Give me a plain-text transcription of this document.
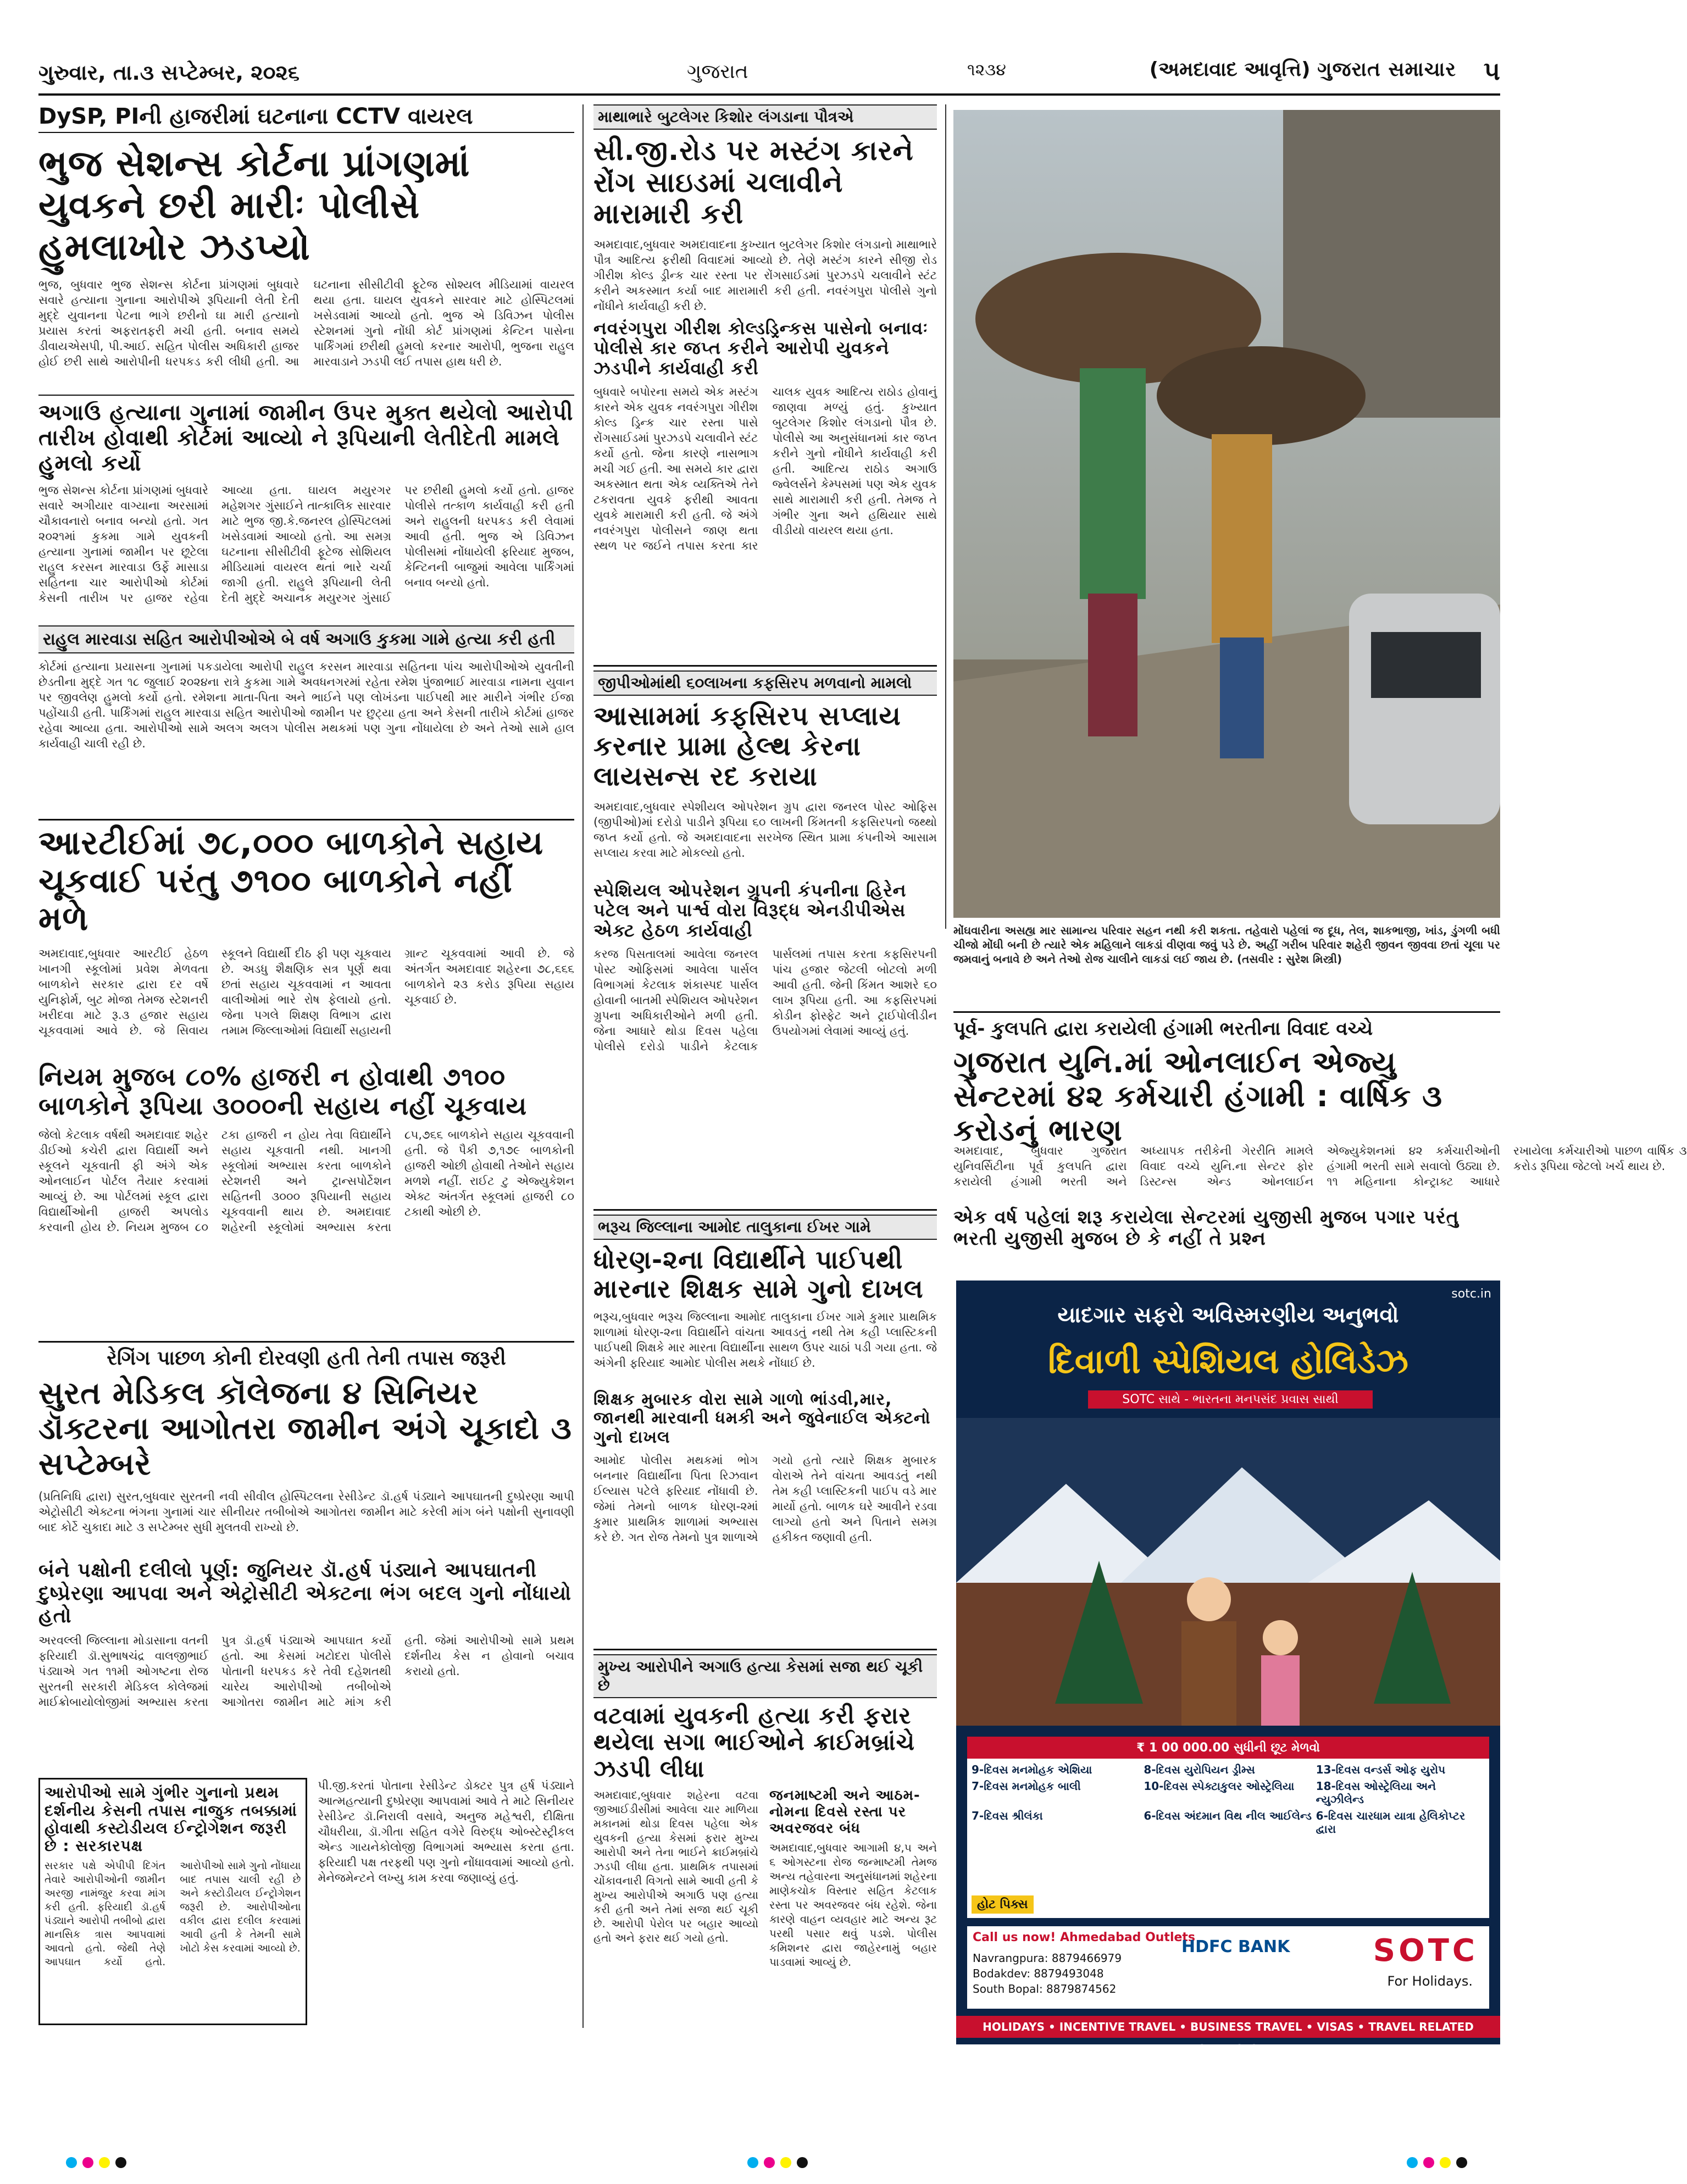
ગુરુવાર, તા.૩ સપ્ટેમ્બર, ૨૦૨૬	ગુજરાત	૧૨૩૪	(અમદાવાદ આવૃત્તિ) ગુજરાત સમાચાર ૫
DySP, PIની હાજરીમાં ઘટનાના CCTV વાયરલ
ભુજ સેશન્સ કોર્ટના પ્રાંગણમાં યુવકને છરી મારીઃ પોલીસે હુમલાખોર ઝડપ્યો
ભુજ, બુધવાર ભુજ સેશન્સ કોર્ટના પ્રાંગણમાં બુધવારે સવારે હત્યાના ગુનાના આરોપીએ રૂપિયાની લેતી દેતી મુદ્દે યુવાનના પેટના ભાગે છરીનો ઘા મારી હત્યાનો પ્રયાસ કરતાં અફરાતફરી મચી હતી. બનાવ સમયે ડીવાયએસપી, પી.આઈ. સહિત પોલીસ અધિકારી હાજર હોઈ છરી સાથે આરોપીની ધરપકડ કરી લીધી હતી. આ ઘટનાના સીસીટીવી ફૂટેજ સોશ્યલ મીડિયામાં વાયરલ થયા હતા. ઘાયલ યુવકને સારવાર માટે હોસ્પિટલમાં ખસેડવામાં આવ્યો હતો. ભુજ એ ડિવિઝન પોલીસ સ્ટેશનમાં ગુનો નોંધી કોર્ટ પ્રાંગણમાં કેન્ટિન પાસેના પાર્કિંગમાં છરીથી હુમલો કરનાર આરોપી, ભુજના રાહુલ મારવાડાને ઝડપી લઈ તપાસ હાથ ધરી છે.
અગાઉ હત્યાના ગુનામાં જામીન ઉપર મુક્ત થયેલો આરોપી તારીખ હોવાથી કોર્ટમાં આવ્યો ને રૂપિયાની લેતીદેતી મામલે હુમલો કર્યો
ભુજ સેશન્સ કોર્ટના પ્રાંગણમાં બુધવારે સવારે અગીયાર વાગ્યાના અરસામાં ચૌકાવનારો બનાવ બન્યો હતો. ગત ૨૦૨૧માં કુકમા ગામે યુવકની હત્યાના ગુનામાં જામીન પર છૂટેલા રાહુલ કરસન મારવાડા ઉર્ફે માસાડા સહિતના ચાર આરોપીઓ કોર્ટમાં કેસની તારીખ પર હાજર રહેવા આવ્યા હતા. ઘાયલ મયુરગર મહેશગર ગુંસાઈને તાત્કાલિક સારવાર માટે ભુજ જી.કે.જનરલ હોસ્પિટલમાં ખસેડવામાં આવ્યો હતો. આ સમગ્ર ઘટનાના સીસીટીવી ફૂટેજ સોશિયલ મીડિયામાં વાયરલ થતાં ભારે ચર્ચા જાગી હતી. રાહુલે રૂપિયાની લેતી દેતી મુદ્દે અચાનક મયુરગર ગુંસાઈ પર છરીથી હુમલો કર્યો હતો. હાજર પોલીસે તત્કાળ કાર્યવાહી કરી હતી અને રાહુલની ધરપકડ કરી લેવામાં આવી હતી. ભુજ એ ડિવિઝન પોલીસમાં નોંધાયેલી ફરિયાદ મુજબ, કેન્ટિનની બાજુમાં આવેલા પાર્કિંગમાં બનાવ બન્યો હતો.
રાહુલ મારવાડા સહિત આરોપીઓએ બે વર્ષ અગાઉ કુકમા ગામે હત્યા કરી હતી
કોર્ટમાં હત્યાના પ્રયાસના ગુનામાં પકડાયેલા આરોપી રાહુલ કરસન મારવાડા સહિતના પાંચ આરોપીઓએ યુવતીની છેડતીના મુદ્દે ગત ૧૮ જુલાઈ ૨૦૨૪ના રાત્રે કુકમા ગામે અવધનગરમાં રહેતા રમેશ પુંજાભાઈ મારવાડા નામના યુવાન પર જીવલેણ હુમલો કર્યો હતો. રમેશના માતા-પિતા અને ભાઈને પણ લોખંડના પાઈપથી માર મારીને ગંભીર ઈજા પહોંચાડી હતી. પાર્કિંગમાં રાહુલ મારવાડા સહિત આરોપીઓ જામીન પર છુટ્યા હતા અને કેસની તારીખે કોર્ટમાં હાજર રહેવા આવ્યા હતા. આરોપીઓ સામે અલગ અલગ પોલીસ મથકમાં પણ ગુના નોંધાયેલા છે અને તેઓ સામે હાલ કાર્યવાહી ચાલી રહી છે.
આરટીઈમાં ૭૮,૦૦૦ બાળકોને સહાય ચૂકવાઈ પરંતુ ૭૧૦૦ બાળકોને નહીં મળે
અમદાવાદ,બુધવાર આરટીઈ હેઠળ ખાનગી સ્કૂલોમાં પ્રવેશ મેળવતા બાળકોને સરકાર દ્વારા દર વર્ષે યુનિફોર્મ, બુટ મોજા તેમજ સ્ટેશનરી ખરીદવા માટે રૂ.૩ હજાર સહાય ચૂકવવામાં આવે છે. જે સિવાય સ્કૂલને વિદ્યાર્થી દીઠ ફી પણ ચૂકવાય છે. અડધુ શૈક્ષણિક સત્ર પૂર્ણ થવા છતાં સહાય ચૂકવવામાં ન આવતા વાલીઓમાં ભારે રોષ ફેલાયો હતો. જેના પગલે શિક્ષણ વિભાગ દ્વારા તમામ જિલ્લાઓમાં વિદ્યાર્થી સહાયની ગ્રાન્ટ ચૂકવવામાં આવી છે. જે અંતર્ગત અમદાવાદ શહેરના ૭૮,૬૬૬ બાળકોને ૨૩ કરોડ રૂપિયા સહાય ચૂકવાઈ છે.
નિયમ મુજબ ૮૦% હાજરી ન હોવાથી ૭૧૦૦ બાળકોને રૂપિયા ૩૦૦૦ની સહાય નહીં ચૂકવાય
જેલો કેટલાક વર્ષથી અમદાવાદ શહેર ડીઈઓ કચેરી દ્વારા વિદ્યાર્થી અને સ્કૂલને ચૂકવાતી ફી અંગે એક ઓનલાઈન પોર્ટલ તૈયાર કરવામાં આવ્યું છે. આ પોર્ટલમાં સ્કૂલ દ્વારા વિદ્યાર્થીઓની હાજરી અપલોડ કરવાની હોય છે. નિયમ મુજબ ૮૦ ટકા હાજરી ન હોય તેવા વિદ્યાર્થીને સહાય ચૂકવાતી નથી. ખાનગી સ્કૂલોમાં અભ્યાસ કરતા બાળકોને સ્ટેશનરી અને ટ્રાન્સપોર્ટેશન સહિતની ૩૦૦૦ રૂપિયાની સહાય ચૂકવવાની થાય છે. અમદાવાદ શહેરની સ્કૂલોમાં અભ્યાસ કરતા ૮૫,૭૬૬ બાળકોને સહાય ચૂકવવાની હતી. જે પૈકી ૭,૧૭૯ બાળકોની હાજરી ઓછી હોવાથી તેઓને સહાય મળશે નહીં. રાઈટ ટુ એજ્યુકેશન એક્ટ અંતર્ગત સ્કૂલમાં હાજરી ૮૦ ટકાથી ઓછી છે.
રેગિંગ પાછળ કોની દોરવણી હતી તેની તપાસ જરૂરી
સુરત મેડિકલ કૉલેજના ૪ સિનિયર ડૉક્ટરના આગોતરા જામીન અંગે ચૂકાદો ૩ સપ્ટેમ્બરે
(પ્રતિનિધિ દ્વારા) સુરત,બુધવાર સુરતની નવી સીવીલ હોસ્પિટલના રેસીડેન્ટ ડૉ.હર્ષ પંડ્યાને આપઘાતની દુષ્પ્રેરણા આપી એટ્રોસીટી એક્ટના ભંગના ગુનામાં ચાર સીનીયર તબીબોએ આગોતરા જામીન માટે કરેલી માંગ બંને પક્ષોની સુનાવણી બાદ કોર્ટે ચુકાદા માટે ૩ સપ્ટેમ્બર સુધી મુલતવી રાખ્યો છે.
બંને પક્ષોની દલીલો પૂર્ણ: જુનિયર ડૉ.હર્ષ પંડ્યાને આપઘાતની દુષ્પ્રેરણા આપવા અને એટ્રોસીટી એક્ટના ભંગ બદલ ગુનો નોંધાયો હતો
અરવલ્લી જિલ્લાના મોડાસાના વતની ફરિયાદી ડૉ.સુભાષચંદ્ર વાલજીભાઈ પંડ્યાએ ગત ૧૧મી ઓગષ્ટના રોજ સુરતની સરકારી મેડિકલ કોલેજમાં માઈક્રોબાયોલોજીમાં અભ્યાસ કરતા પુત્ર ડૉ.હર્ષ પંડ્યાએ આપઘાત કર્યો હતો. આ કેસમાં ખટોદરા પોલીસે પોતાની ધરપકડ કરે તેવી દહેશતથી ચારેય આરોપીઓ તબીબોએ આગોતરા જામીન માટે માંગ કરી હતી. જેમાં આરોપીઓ સામે પ્રથમ દર્શનીય કેસ ન હોવાનો બચાવ કરાયો હતો.
આરોપીઓ સામે ગુંભીર ગુનાનો પ્રથમ દર્શનીય કેસની તપાસ નાજુક તબક્કામાં હોવાથી કસ્ટોડીયલ ઈન્ટ્રોગેશન જરૂરી છે : સરકારપક્ષ
સરકાર પક્ષે એપીપી દિગંત તેવારે આરોપીઓની જામીન અરજી નામંજુર કરવા માંગ કરી હતી. ફરિયાદી ડૉ.હર્ષ પંડ્યાને આરોપી તબીબો દ્વારા માનસિક ત્રાસ આપવામાં આવતો હતો. જેથી તેણે આપઘાત કર્યો હતો. આરોપીઓ સામે ગુનો નોંધાયા બાદ તપાસ ચાલી રહી છે અને કસ્ટોડીયલ ઈન્ટ્રોગેશન જરૂરી છે. આરોપીઓના વકીલ દ્વારા દલીલ કરવામાં આવી હતી કે તેમની સામે ખોટો કેસ કરવામાં આવ્યો છે.
પી.જી.કરતાં પોતાના રેસીડેન્ટ ડોક્ટર પુત્ર હર્ષ પંડ્યાને આત્મહત્યાની દુષ્પ્રેરણા આપવામાં આવે તે માટે સિનીયર રેસીડેન્ટ ડૉ.નિરાલી વસાવે, અનુજ મહેશ્વરી, દીક્ષિતા ચૌધરીયા, ડૉ.ગીતા સહિત વગેરે વિરુદ્ધ ઓબ્સ્ટેસ્ટ્રીકલ એન્ડ ગાયનેકોલોજી વિભાગમાં અભ્યાસ કરતા હતા. ફરિયાદી પક્ષ તરફથી પણ ગુનો નોંધાવવામાં આવ્યો હતો. મેનેજમેન્ટને લખ્યુ કામ કરવા જણાવ્યું હતું.
માથાભારે બુટલેગર કિશોર લંગડાના પૌત્રએ
સી.જી.રોડ પર મસ્ટંગ કારને રોંગ સાઇડમાં ચલાવીને મારામારી કરી
અમદાવાદ,બુધવાર અમદાવાદના કુખ્યાત બુટલેગર કિશોર લંગડાનો માથાભારે પૌત્ર આદિત્ય ફરીથી વિવાદમાં આવ્યો છે. તેણે મસ્ટંગ કારને સીજી રોડ ગીરીશ કોલ્ડ ડ્રીન્ક ચાર રસ્તા પર રોંગસાઈડમાં પુરઝડપે ચલાવીને સ્ટંટ કરીને અકસ્માત કર્યા બાદ મારામારી કરી હતી. નવરંગપુરા પોલીસે ગુનો નોંધીને કાર્યવાહી કરી છે.
નવરંગપુરા ગીરીશ કોલ્ડડ્રિન્કસ પાસેનો બનાવઃ પોલીસે કાર જપ્ત કરીને આરોપી યુવકને ઝડપીને કાર્યવાહી કરી
બુધવારે બપોરના સમયે એક મસ્ટંગ કારને એક યુવક નવરંગપુરા ગીરીશ કોલ્ડ ડ્રિન્ક ચાર રસ્તા પાસે રોંગસાઈડમાં પુરઝડપે ચલાવીને સ્ટંટ કર્યો હતો. જેના કારણે નાસભાગ મચી ગઈ હતી. આ સમયે કાર દ્વારા અકસ્માત થતા એક વ્યક્તિએ તેને ટકરાવતા યુવકે ફરીથી આવતા યુવકે મારામારી કરી હતી. જે અંગે નવરંગપુરા પોલીસને જાણ થતા સ્થળ પર જઈને તપાસ કરતા કાર ચાલક યુવક આદિત્ય રાઠોડ હોવાનું જાણવા મળ્યું હતું. કુખ્યાત બુટલેગર કિશોર લંગડાનો પૌત્ર છે. પોલીસે આ અનુસંધાનમાં કાર જપ્ત કરીને ગુનો નોંધીને કાર્યવાહી કરી હતી. આદિત્ય રાઠોડ અગાઉ જ્વેલર્સને કેમ્પસમાં પણ એક યુવક સાથે મારામારી કરી હતી. તેમજ તે ગંભીર ગુના અને હથિયાર સાથે વીડીયો વાયરલ થયા હતા.
મોંઘવારીના અસહ્ય માર સામાન્ય પરિવાર સહન નથી કરી શકતા. તહેવારો પહેલાં જ દૂધ, તેલ, શાકભાજી, ખાંડ, ડુંગળી બધી ચીજો મોંઘી બની છે ત્યારે એક મહિલાને લાકડાં વીણવા જવું પડે છે. અહીં ગરીબ પરિવાર શહેરી જીવન જીવવા છતાં ચૂલા પર જમવાનું બનાવે છે અને તેઓ રોજ ચાલીને લાકડાં લઈ જાય છે. (તસવીર : સુરેશ મિસ્ત્રી)
જીપીઓમાંથી ૬૦લાખના કફસિરપ મળવાનો મામલો
આસામમાં કફસિરપ સપ્લાય કરનાર પ્રામા હેલ્થ કેરના લાયસન્સ રદ કરાયા
અમદાવાદ,બુધવાર સ્પેશીયલ ઓપરેશન ગ્રુપ દ્વારા જનરલ પોસ્ટ ઓફિસ (જીપીઓ)માં દરોડો પાડીને રૂપિયા ૬૦ લાખની કિંમતની કફસિરપનો જથ્થો જપ્ત કર્યો હતો. જે અમદાવાદના સરખેજ સ્થિત પ્રામા કંપનીએ આસામ સપ્લાય કરવા માટે મોકલ્યો હતો.
સ્પેશિયલ ઓપરેશન ગ્રુપની કંપનીના હિરેન પટેલ અને પાર્શ્વ વોરા વિરૂદ્ધ એનડીપીએસ એક્ટ હેઠળ કાર્યવાહી
કરજ પિસતાલમાં આવેલા જનરલ પોસ્ટ ઓફિસમાં આવેલા પાર્સલ વિભાગમાં કેટલાક શંકાસ્પદ પાર્સલ હોવાની બાતમી સ્પેશિયલ ઓપરેશન ગ્રુપના અધિકારીઓને મળી હતી. જેના આધારે થોડા દિવસ પહેલા પોલીસે દરોડો પાડીને કેટલાક પાર્સલમાં તપાસ કરતા કફસિરપની પાંચ હજાર જેટલી બોટલો મળી આવી હતી. જેની કિંમત આશરે ૬૦ લાખ રૂપિયા હતી. આ કફસિરપમાં કોડીન ફોસ્ફેટ અને ટ્રાઈપોલીડીન ઉપયોગમાં લેવામાં આવ્યું હતું.
ભરૂચ જિલ્લાના આમોદ તાલુકાના ઈખર ગામે
ધોરણ-૨ના વિદ્યાર્થીને પાઈપથી મારનાર શિક્ષક સામે ગુનો દાખલ
ભરૂચ,બુધવાર ભરૂચ જિલ્લાના આમોદ તાલુકાના ઈખર ગામે કુમાર પ્રાથમિક શાળામાં ધોરણ-૨ના વિદ્યાર્થીને વાંચતા આવડતું નથી તેમ કહી પ્લાસ્ટિકની પાઈપથી શિક્ષકે માર મારતા વિદ્યાર્થીના સાથળ ઉપર ચાઠાં પડી ગયા હતા. જે અંગેની ફરિયાદ આમોદ પોલીસ મથકે નોંધાઈ છે.
શિક્ષક મુબારક વોરા સામે ગાળો ભાંડવી,માર, જાનથી મારવાની ધમકી અને જુવેનાઈલ એક્ટનો ગુનો દાખલ
આમોદ પોલીસ મથકમાં ભોગ બનનાર વિદ્યાર્થીના પિતા રિઝવાન ઈલ્યાસ પટેલે ફરિયાદ નોંધાવી છે. જેમાં તેમનો બાળક ધોરણ-૨માં કુમાર પ્રાથમિક શાળામાં અભ્યાસ કરે છે. ગત રોજ તેમનો પુત્ર શાળાએ ગયો હતો ત્યારે શિક્ષક મુબારક વોરાએ તેને વાંચતા આવડતું નથી તેમ કહી પ્લાસ્ટિકની પાઈપ વડે માર માર્યો હતો. બાળક ઘરે આવીને રડવા લાગ્યો હતો અને પિતાને સમગ્ર હકીકત જણાવી હતી.
મુખ્ય આરોપીને અગાઉ હત્યા કેસમાં સજા થઈ ચૂકી છે
વટવામાં યુવકની હત્યા કરી ફરાર થયેલા સગા ભાઈઓને ક્રાઈમબ્રાંચે ઝડપી લીધા
અમદાવાદ,બુધવાર શહેરના વટવા જીઆઈડીસીમાં આવેલા ચાર માળિયા મકાનમાં થોડા દિવસ પહેલા એક યુવકની હત્યા કેસમાં ફરાર મુખ્ય આરોપી અને તેના ભાઈને ક્રાઈમબ્રાંચે ઝડપી લીધા હતા. પ્રાથમિક તપાસમાં ચોંકાવનારી વિગતો સામે આવી હતી કે મુખ્ય આરોપીએ અગાઉ પણ હત્યા કરી હતી અને તેમાં સજા થઈ ચૂકી છે. આરોપી પેરોલ પર બહાર આવ્યો હતો અને ફરાર થઈ ગયો હતો.
જનમાષ્ટમી અને આઠમ-નોમના દિવસે રસ્તા પર અવરજવર બંધ
અમદાવાદ,બુધવાર આગામી ૪,૫ અને ૬ ઓગસ્ટના રોજ જન્માષ્ટમી તેમજ અન્ય તહેવારના અનુસંધાનમાં શહેરના માણેકચોક વિસ્તાર સહિત કેટલાક રસ્તા પર અવરજવર બંધ રહેશે. જેના કારણે વાહન વ્યવહાર માટે અન્ય રૂટ પરથી પસાર થવું પડશે. પોલીસ કમિશનર દ્વારા જાહેરનામું બહાર પાડવામાં આવ્યું છે.
પૂર્વ- કુલપતિ દ્વારા કરાયેલી હંગામી ભરતીના વિવાદ વચ્ચે
ગુજરાત યુનિ.માં ઓનલાઈન એજ્યુ સેન્ટરમાં ૪૨ કર્મચારી હંગામી : વાર્ષિક ૩ કરોડનું ભારણ
અમદાવાદ, બુધવાર ગુજરાત યુનિવર્સિટીના પૂર્વ કુલપતિ દ્વારા કરાયેલી હંગામી ભરતી અને અધ્યાપક તરીકેની ગેરરીતિ મામલે વિવાદ વચ્ચે યુનિ.ના સેન્ટર ફોર ડિસ્ટન્સ એન્ડ ઓનલાઈન એજ્યુકેશનમાં ૪૨ કર્મચારીઓની હંગામી ભરતી સામે સવાલો ઉઠ્યા છે. ૧૧ મહિનાના કોન્ટ્રાક્ટ આધારે રખાયેલા કર્મચારીઓ પાછળ વાર્ષિક ૩ કરોડ રૂપિયા જેટલો ખર્ચ થાય છે.
એક વર્ષ પહેલાં શરૂ કરાયેલા સેન્ટરમાં યુજીસી મુજબ પગાર પરંતુ ભરતી યુજીસી મુજબ છે કે નહીં તે પ્રશ્ન
sotc.in
યાદગાર સફરો અવિસ્મરણીય અનુભવો
દિવાળી સ્પેશિયલ હોલિડેઝ
SOTC સાથે - ભારતના મનપસંદ પ્રવાસ સાથી
₹ 1 00 000.00 સુધીની છૂટ મેળવો
9-દિવસ મનમોહક એશિયા	8-દિવસ યુરોપિયન ડ્રીમ્સ	13-દિવસ વન્ડર્સ ઓફ યુરોપ
7-દિવસ મનમોહક બાલી	10-દિવસ સ્પેક્ટાકુલર ઓસ્ટ્રેલિયા	18-દિવસ ઓસ્ટ્રેલિયા અને ન્યુઝીલેન્ડ
7-દિવસ શ્રીલંકા	6-દિવસ અંદમાન વિથ નીલ આઈલેન્ડ 6-દિવસ ચારધામ યાત્રા હેલિકોપ્ટર દ્વારા
હોટ પિક્સ
Call us now! Ahmedabad Outlets
Navrangpura: 8879466979
Bodakdev: 8879493048
South Bopal: 8879874562
HDFC BANK	SOTC
For Holidays.
HOLIDAYS • INCENTIVE TRAVEL • BUSINESS TRAVEL • VISAS • TRAVEL RELATED SERVICES
